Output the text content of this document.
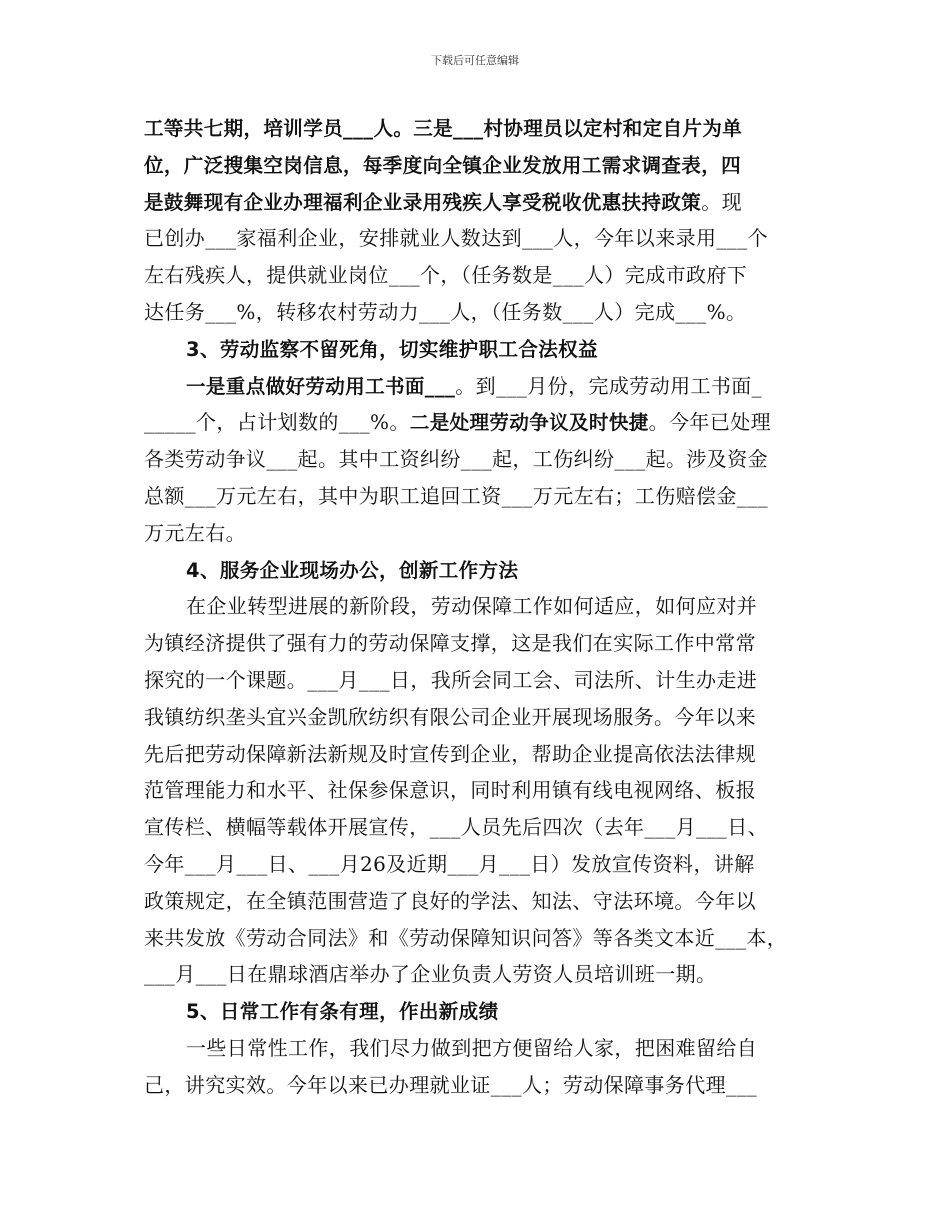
下载后可任意编辑
工等共七期，培训学员___人。三是___村协理员以定村和定自片为单
位，广泛搜集空岗信息，每季度向全镇企业发放用工需求调查表，四
是鼓舞现有企业办理福利企业录用残疾人享受税收优惠扶持政策。现
已创办___家福利企业，安排就业人数达到___人，今年以来录用___个
左右残疾人，提供就业岗位___个，（任务数是___人）完成市政府下
达任务___%，转移农村劳动力___人，（任务数___人）完成___%。
3、劳动监察不留死角，切实维护职工合法权益
一是重点做好劳动用工书面___。到___月份，完成劳动用工书面_
_____个，占计划数的___%。二是处理劳动争议及时快捷。今年已处理
各类劳动争议___起。其中工资纠纷___起，工伤纠纷___起。涉及资金
总额___万元左右，其中为职工追回工资___万元左右；工伤赔偿金___
万元左右。
4、服务企业现场办公，创新工作方法
在企业转型进展的新阶段，劳动保障工作如何适应，如何应对并
为镇经济提供了强有力的劳动保障支撑，这是我们在实际工作中常常
探究的一个课题。___月___日，我所会同工会、司法所、计生办走进
我镇纺织垄头宜兴金凯欣纺织有限公司企业开展现场服务。今年以来
先后把劳动保障新法新规及时宣传到企业，帮助企业提高依法法律规
范管理能力和水平、社保参保意识，同时利用镇有线电视网络、板报
宣传栏、横幅等载体开展宣传，___人员先后四次（去年___月___日、
今年___月___日、___月26及近期___月___日）发放宣传资料，讲解
政策规定，在全镇范围营造了良好的学法、知法、守法环境。今年以
来共发放《劳动合同法》和《劳动保障知识问答》等各类文本近___本，
___月___日在鼎球酒店举办了企业负责人劳资人员培训班一期。
5、日常工作有条有理，作出新成绩
一些日常性工作，我们尽力做到把方便留给人家，把困难留给自
己，讲究实效。今年以来已办理就业证___人；劳动保障事务代理___
